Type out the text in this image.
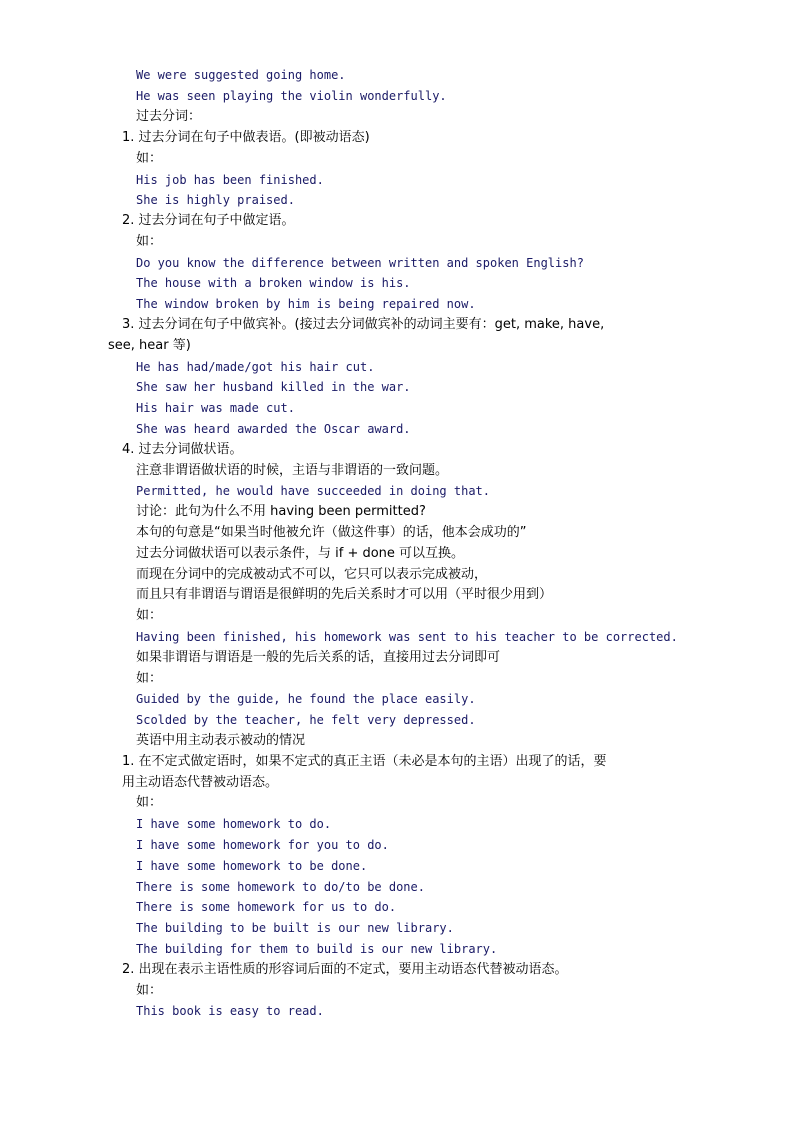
We were suggested going home.
He was seen playing the violin wonderfully.
过去分词：
1. 过去分词在句子中做表语。(即被动语态)
如：
His job has been finished.
She is highly praised.
2. 过去分词在句子中做定语。
如：
Do you know the difference between written and spoken English?
The house with a broken window is his.
The window broken by him is being repaired now.
3. 过去分词在句子中做宾补。(接过去分词做宾补的动词主要有：get, make, have,
see, hear 等)
He has had/made/got his hair cut.
She saw her husband killed in the war.
His hair was made cut.
She was heard awarded the Oscar award.
4. 过去分词做状语。
注意非谓语做状语的时候，主语与非谓语的一致问题。
Permitted, he would have succeeded in doing that.
讨论：此句为什么不用 having been permitted?
本句的句意是“如果当时他被允许（做这件事）的话，他本会成功的”
过去分词做状语可以表示条件，与 if + done 可以互换。
而现在分词中的完成被动式不可以，它只可以表示完成被动，
而且只有非谓语与谓语是很鲜明的先后关系时才可以用（平时很少用到）
如：
Having been finished, his homework was sent to his teacher to be corrected.
如果非谓语与谓语是一般的先后关系的话，直接用过去分词即可
如：
Guided by the guide, he found the place easily.
Scolded by the teacher, he felt very depressed.
英语中用主动表示被动的情况
1. 在不定式做定语时，如果不定式的真正主语（未必是本句的主语）出现了的话，要
用主动语态代替被动语态。
如：
I have some homework to do.
I have some homework for you to do.
I have some homework to be done.
There is some homework to do/to be done.
There is some homework for us to do.
The building to be built is our new library.
The building for them to build is our new library.
2. 出现在表示主语性质的形容词后面的不定式，要用主动语态代替被动语态。
如：
This book is easy to read.
